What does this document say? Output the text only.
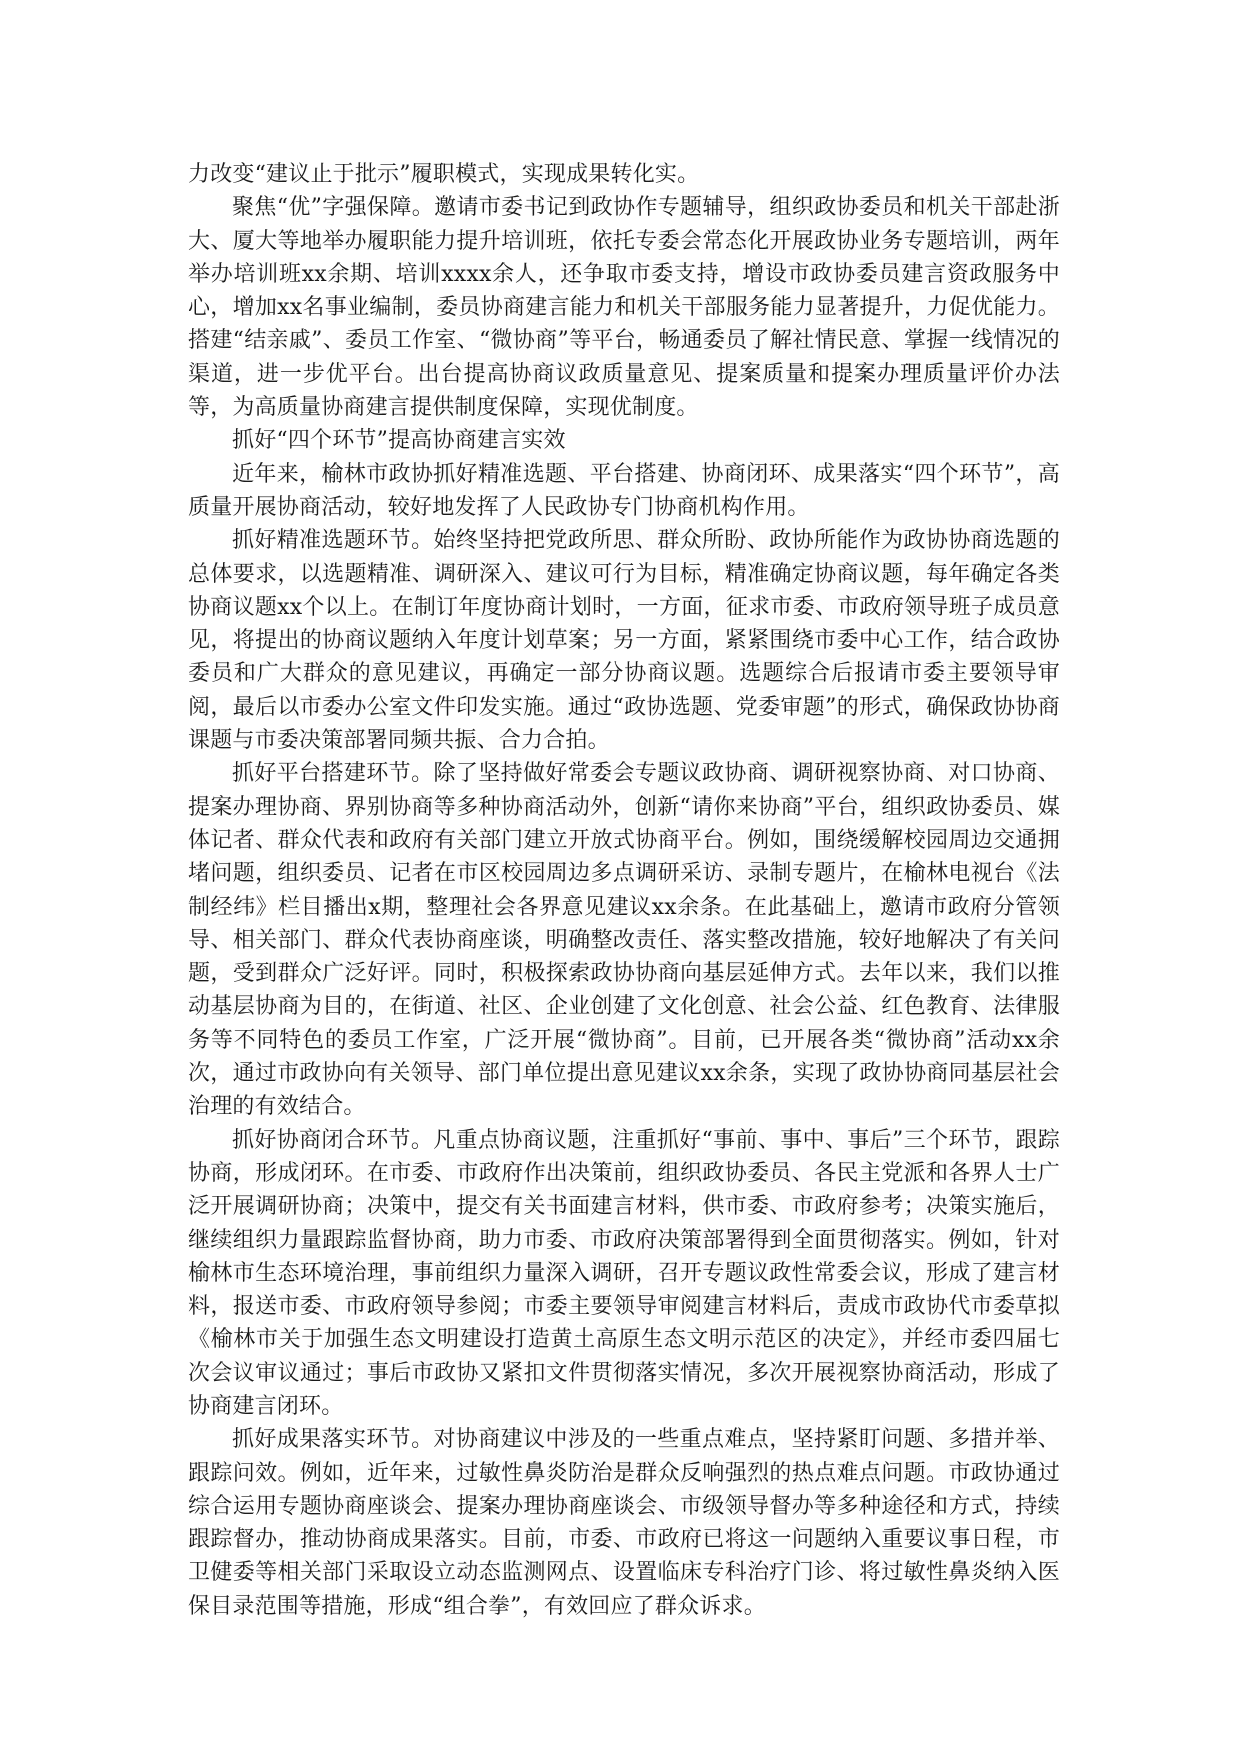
力改变“建议止于批示”履职模式，实现成果转化实。

聚焦“优”字强保障。邀请市委书记到政协作专题辅导，组织政协委员和机关干部赴浙大、厦大等地举办履职能力提升培训班，依托专委会常态化开展政协业务专题培训，两年举办培训班xx余期、培训xxxx余人，还争取市委支持，增设市政协委员建言资政服务中心，增加xx名事业编制，委员协商建言能力和机关干部服务能力显著提升，力促优能力。搭建“结亲戚”、委员工作室、“微协商”等平台，畅通委员了解社情民意、掌握一线情况的渠道，进一步优平台。出台提高协商议政质量意见、提案质量和提案办理质量评价办法等，为高质量协商建言提供制度保障，实现优制度。

抓好“四个环节”提高协商建言实效

近年来，榆林市政协抓好精准选题、平台搭建、协商闭环、成果落实“四个环节”，高质量开展协商活动，较好地发挥了人民政协专门协商机构作用。

抓好精准选题环节。始终坚持把党政所思、群众所盼、政协所能作为政协协商选题的总体要求，以选题精准、调研深入、建议可行为目标，精准确定协商议题，每年确定各类协商议题xx个以上。在制订年度协商计划时，一方面，征求市委、市政府领导班子成员意见，将提出的协商议题纳入年度计划草案；另一方面，紧紧围绕市委中心工作，结合政协委员和广大群众的意见建议，再确定一部分协商议题。选题综合后报请市委主要领导审阅，最后以市委办公室文件印发实施。通过“政协选题、党委审题”的形式，确保政协协商课题与市委决策部署同频共振、合力合拍。

抓好平台搭建环节。除了坚持做好常委会专题议政协商、调研视察协商、对口协商、提案办理协商、界别协商等多种协商活动外，创新“请你来协商”平台，组织政协委员、媒体记者、群众代表和政府有关部门建立开放式协商平台。例如，围绕缓解校园周边交通拥堵问题，组织委员、记者在市区校园周边多点调研采访、录制专题片，在榆林电视台《法制经纬》栏目播出x期，整理社会各界意见建议xx余条。在此基础上，邀请市政府分管领导、相关部门、群众代表协商座谈，明确整改责任、落实整改措施，较好地解决了有关问题，受到群众广泛好评。同时，积极探索政协协商向基层延伸方式。去年以来，我们以推动基层协商为目的，在街道、社区、企业创建了文化创意、社会公益、红色教育、法律服务等不同特色的委员工作室，广泛开展“微协商”。目前，已开展各类“微协商”活动xx余次，通过市政协向有关领导、部门单位提出意见建议xx余条，实现了政协协商同基层社会治理的有效结合。

抓好协商闭合环节。凡重点协商议题，注重抓好“事前、事中、事后”三个环节，跟踪协商，形成闭环。在市委、市政府作出决策前，组织政协委员、各民主党派和各界人士广泛开展调研协商；决策中，提交有关书面建言材料，供市委、市政府参考；决策实施后，继续组织力量跟踪监督协商，助力市委、市政府决策部署得到全面贯彻落实。例如，针对榆林市生态环境治理，事前组织力量深入调研，召开专题议政性常委会议，形成了建言材料，报送市委、市政府领导参阅；市委主要领导审阅建言材料后，责成市政协代市委草拟《榆林市关于加强生态文明建设打造黄土高原生态文明示范区的决定》，并经市委四届七次会议审议通过；事后市政协又紧扣文件贯彻落实情况，多次开展视察协商活动，形成了协商建言闭环。

抓好成果落实环节。对协商建议中涉及的一些重点难点，坚持紧盯问题、多措并举、跟踪问效。例如，近年来，过敏性鼻炎防治是群众反响强烈的热点难点问题。市政协通过综合运用专题协商座谈会、提案办理协商座谈会、市级领导督办等多种途径和方式，持续跟踪督办，推动协商成果落实。目前，市委、市政府已将这一问题纳入重要议事日程，市卫健委等相关部门采取设立动态监测网点、设置临床专科治疗门诊、将过敏性鼻炎纳入医保目录范围等措施，形成“组合拳”，有效回应了群众诉求。
